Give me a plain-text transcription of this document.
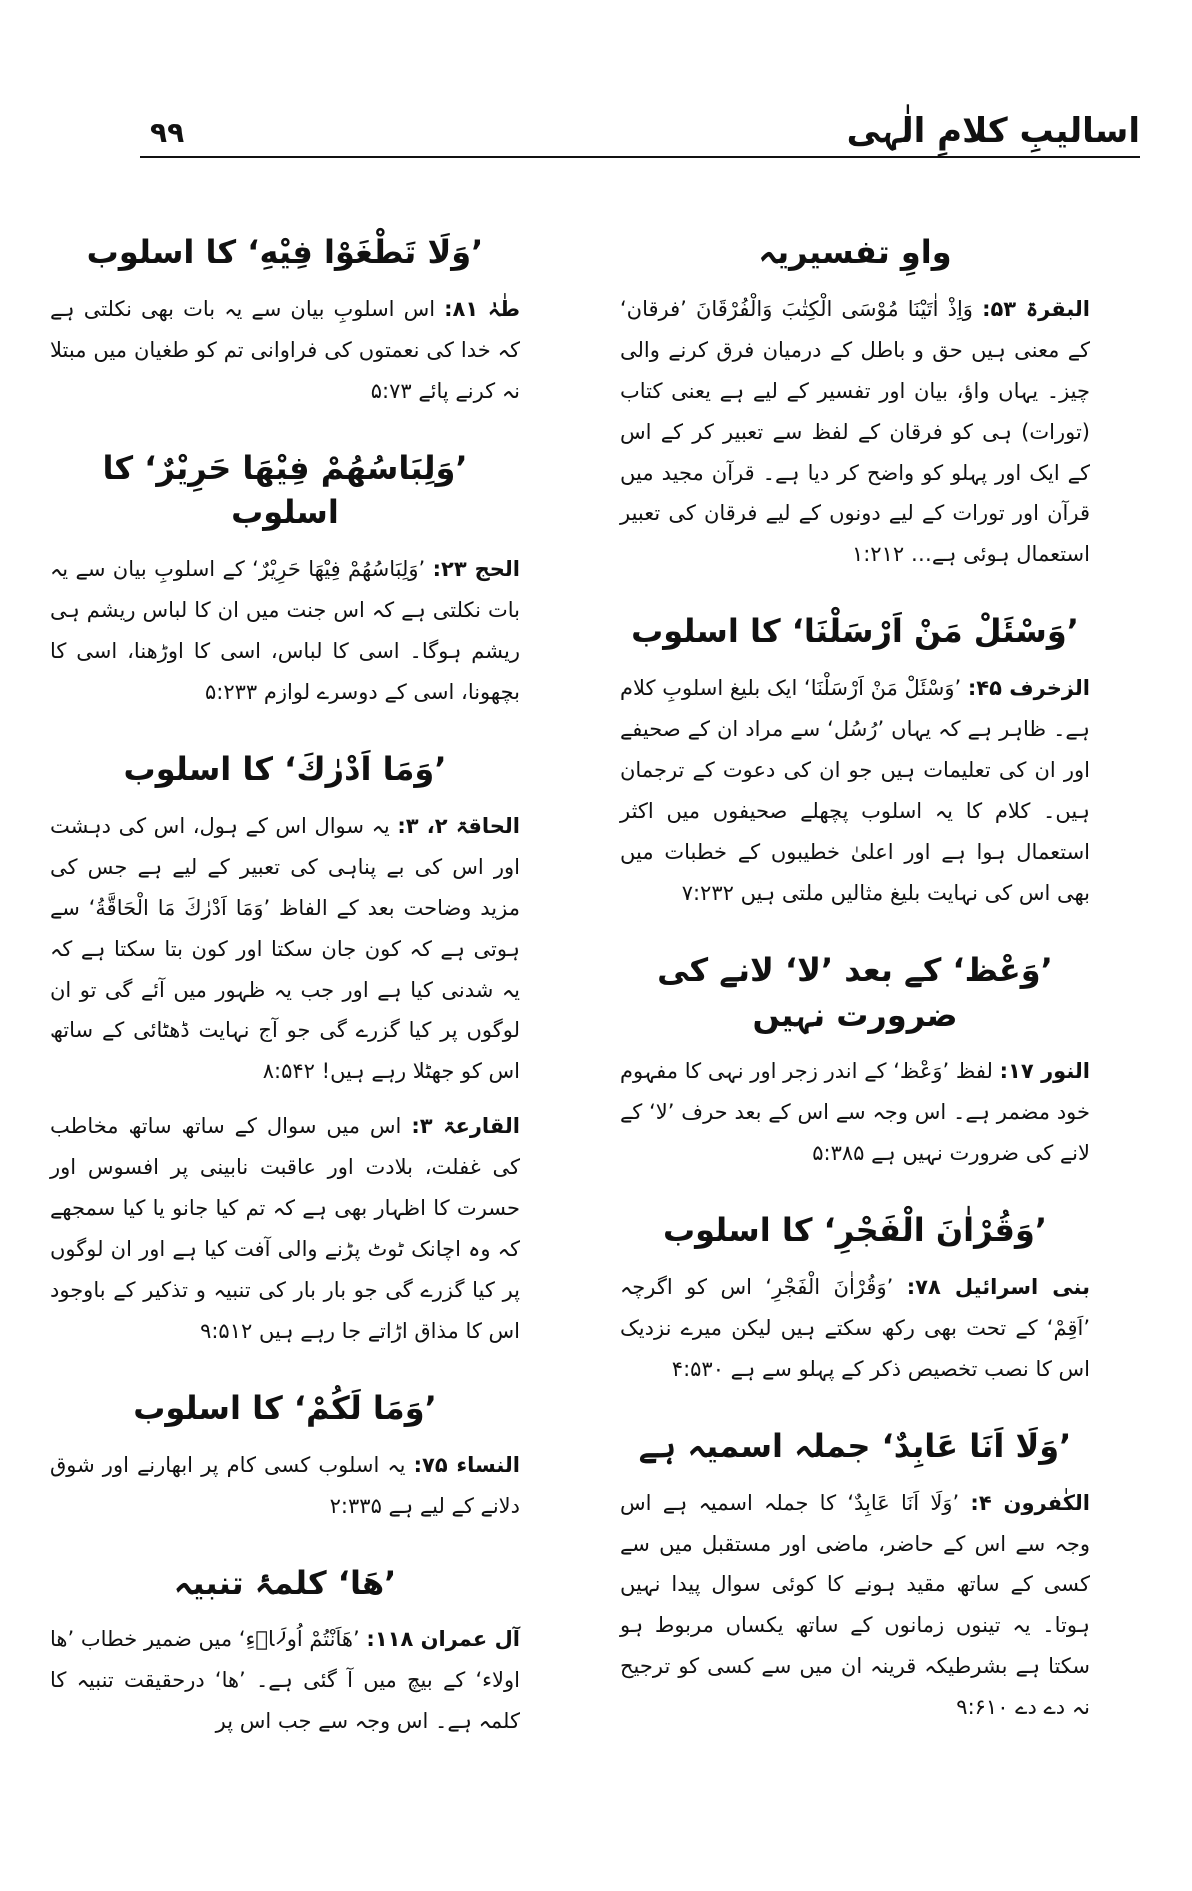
اسالیبِ کلامِ الٰہی
۹۹
واوِ تفسیریہ

البقرۃ ۵۳: وَاِذْ اٰتَيْنَا مُوْسَى الْكِتٰبَ وَالْفُرْقَانَ ’فرقان‘ کے معنی ہیں حق و باطل کے درمیان فرق کرنے والی چیز۔ یہاں واؤ، بیان اور تفسیر کے لیے ہے یعنی کتاب (تورات) ہی کو فرقان کے لفظ سے تعبیر کر کے اس کے ایک اور پہلو کو واضح کر دیا ہے۔ قرآن مجید میں قرآن اور تورات کے لیے دونوں کے لیے فرقان کی تعبیر استعمال ہوئی ہے… ۱:۲۱۲

’وَسْئَلْ مَنْ اَرْسَلْنَا‘ کا اسلوب

الزخرف ۴۵: ’وَسْئَلْ مَنْ اَرْسَلْنَا‘ ایک بلیغ اسلوبِ کلام ہے۔ ظاہر ہے کہ یہاں ’رُسُل‘ سے مراد ان کے صحیفے اور ان کی تعلیمات ہیں جو ان کی دعوت کے ترجمان ہیں۔ کلام کا یہ اسلوب پچھلے صحیفوں میں اکثر استعمال ہوا ہے اور اعلیٰ خطیبوں کے خطبات میں بھی اس کی نہایت بلیغ مثالیں ملتی ہیں ۷:۲۳۲

’وَعْظ‘ کے بعد ’لا‘ لانے کی ضرورت نہیں

النور ۱۷: لفظ ’وَعْظ‘ کے اندر زجر اور نہی کا مفہوم خود مضمر ہے۔ اس وجہ سے اس کے بعد حرف ’لا‘ کے لانے کی ضرورت نہیں ہے ۵:۳۸۵

’وَقُرْاٰنَ الْفَجْرِ‘ کا اسلوب

بنی اسرائیل ۷۸: ’وَقُرْاٰنَ الْفَجْرِ‘ اس کو اگرچہ ’اَقِمْ‘ کے تحت بھی رکھ سکتے ہیں لیکن میرے نزدیک اس کا نصب تخصیص ذکر کے پہلو سے ہے ۴:۵۳۰

’وَلَا اَنَا عَابِدٌ‘ جملہ اسمیہ ہے

الکٰفرون ۴: ’وَلَا اَنَا عَابِدٌ‘ کا جملہ اسمیہ ہے اس وجہ سے اس کے حاضر، ماضی اور مستقبل میں سے کسی کے ساتھ مقید ہونے کا کوئی سوال پیدا نہیں ہوتا۔ یہ تینوں زمانوں کے ساتھ یکساں مربوط ہو سکتا ہے بشرطیکہ قرینہ ان میں سے کسی کو ترجیح نہ دے دے ۹:۶۱۰

’وَلَا تَطْغَوْا فِيْهِ‘ کا اسلوب

طٰہٰ ۸۱: اس اسلوبِ بیان سے یہ بات بھی نکلتی ہے کہ خدا کی نعمتوں کی فراوانی تم کو طغیان میں مبتلا نہ کرنے پائے ۵:۷۳

’وَلِبَاسُهُمْ فِيْهَا حَرِيْرٌ‘ کا اسلوب

الحج ۲۳: ’وَلِبَاسُهُمْ فِيْهَا حَرِيْرٌ‘ کے اسلوبِ بیان سے یہ بات نکلتی ہے کہ اس جنت میں ان کا لباس ریشم ہی ریشم ہوگا۔ اسی کا لباس، اسی کا اوڑھنا، اسی کا بچھونا، اسی کے دوسرے لوازم ۵:۲۳۳

’وَمَا اَدْرٰكَ‘ کا اسلوب

الحاقۃ ۲، ۳: یہ سوال اس کے ہول، اس کی دہشت اور اس کی بے پناہی کی تعبیر کے لیے ہے جس کی مزید وضاحت بعد کے الفاظ ’وَمَا اَدْرٰكَ مَا الْحَاقَّةُ‘ سے ہوتی ہے کہ کون جان سکتا اور کون بتا سکتا ہے کہ یہ شدنی کیا ہے اور جب یہ ظہور میں آئے گی تو ان لوگوں پر کیا گزرے گی جو آج نہایت ڈھٹائی کے ساتھ اس کو جھٹلا رہے ہیں! ۸:۵۴۲

القارعۃ ۳: اس میں سوال کے ساتھ ساتھ مخاطب کی غفلت، بلادت اور عاقبت نابینی پر افسوس اور حسرت کا اظہار بھی ہے کہ تم کیا جانو یا کیا سمجھے کہ وہ اچانک ٹوٹ پڑنے والی آفت کیا ہے اور ان لوگوں پر کیا گزرے گی جو بار بار کی تنبیہ و تذکیر کے باوجود اس کا مذاق اڑاتے جا رہے ہیں ۹:۵۱۲

’وَمَا لَكُمْ‘ کا اسلوب

النساء ۷۵: یہ اسلوب کسی کام پر ابھارنے اور شوق دلانے کے لیے ہے ۲:۳۳۵

’هَا‘ کلمۂ تنبیہ

آل عمران ۱۱۸: ’هَاَنْتُمْ اُولَاۗءِ‘ میں ضمیر خطاب ’ھا اولاء‘ کے بیچ میں آ گئی ہے۔ ’ھا‘ درحقیقت تنبیہ کا کلمہ ہے۔ اس وجہ سے جب اس پر
